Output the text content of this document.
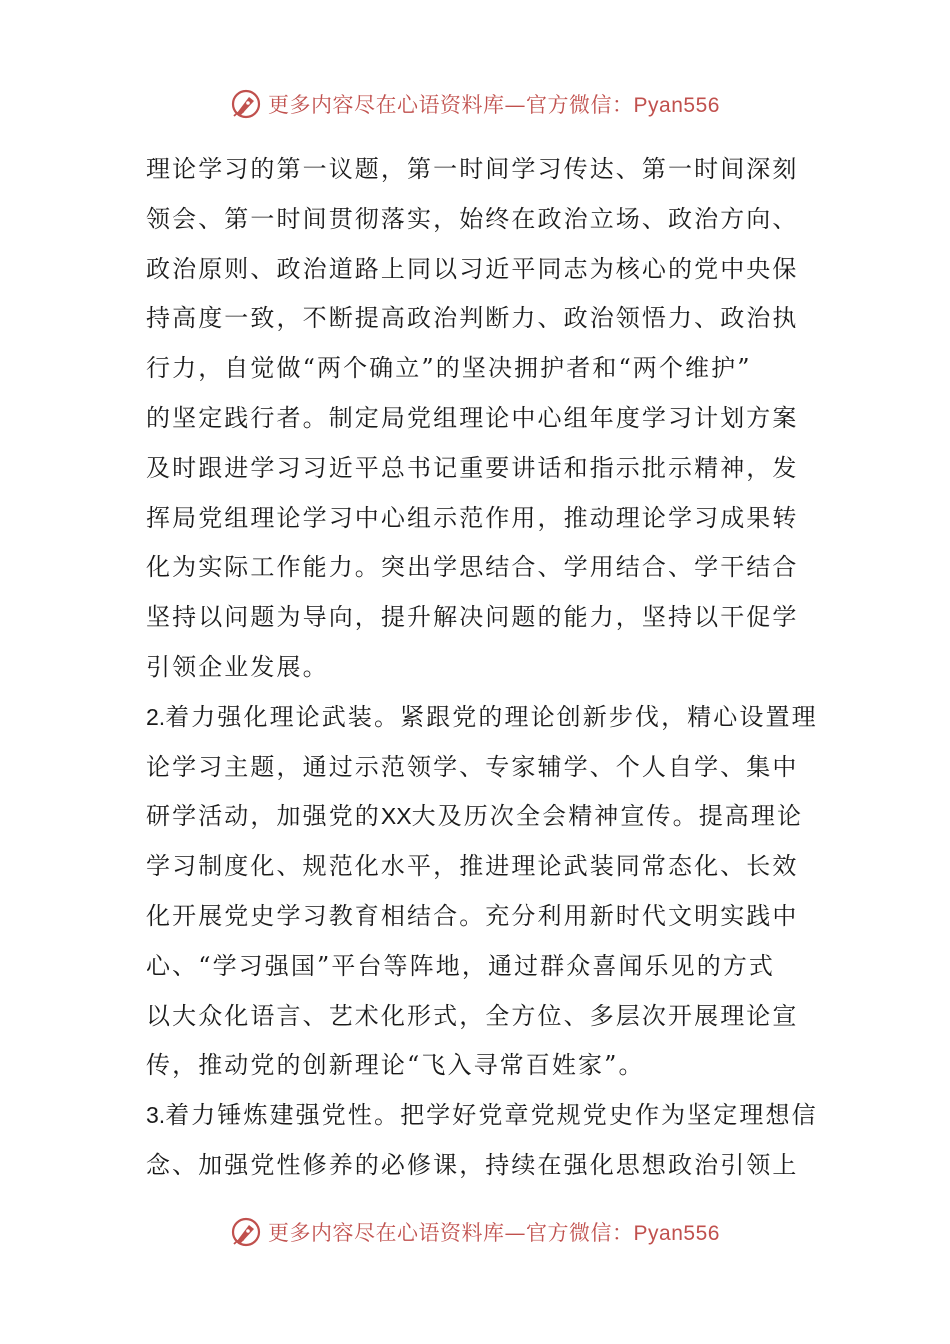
更多内容尽在心语资料库—官方微信：Pyan556
理论学习的第一议题，第一时间学习传达、第一时间深刻
领会、第一时间贯彻落实，始终在政治立场、政治方向、
政治原则、政治道路上同以习近平同志为核心的党中央保
持高度一致，不断提高政治判断力、政治领悟力、政治执
行力，自觉做“两个确立”的坚决拥护者和“两个维护”
的坚定践行者。制定局党组理论中心组年度学习计划方案
及时跟进学习习近平总书记重要讲话和指示批示精神，发
挥局党组理论学习中心组示范作用，推动理论学习成果转
化为实际工作能力。突出学思结合、学用结合、学干结合
坚持以问题为导向，提升解决问题的能力，坚持以干促学
引领企业发展。
2.着力强化理论武装。紧跟党的理论创新步伐，精心设置理
论学习主题，通过示范领学、专家辅学、个人自学、集中
研学活动，加强党的XX大及历次全会精神宣传。提高理论
学习制度化、规范化水平，推进理论武装同常态化、长效
化开展党史学习教育相结合。充分利用新时代文明实践中
心、“学习强国”平台等阵地，通过群众喜闻乐见的方式
以大众化语言、艺术化形式，全方位、多层次开展理论宣
传，推动党的创新理论“飞入寻常百姓家”。
3.着力锤炼建强党性。把学好党章党规党史作为坚定理想信
念、加强党性修养的必修课，持续在强化思想政治引领上
更多内容尽在心语资料库—官方微信：Pyan556
